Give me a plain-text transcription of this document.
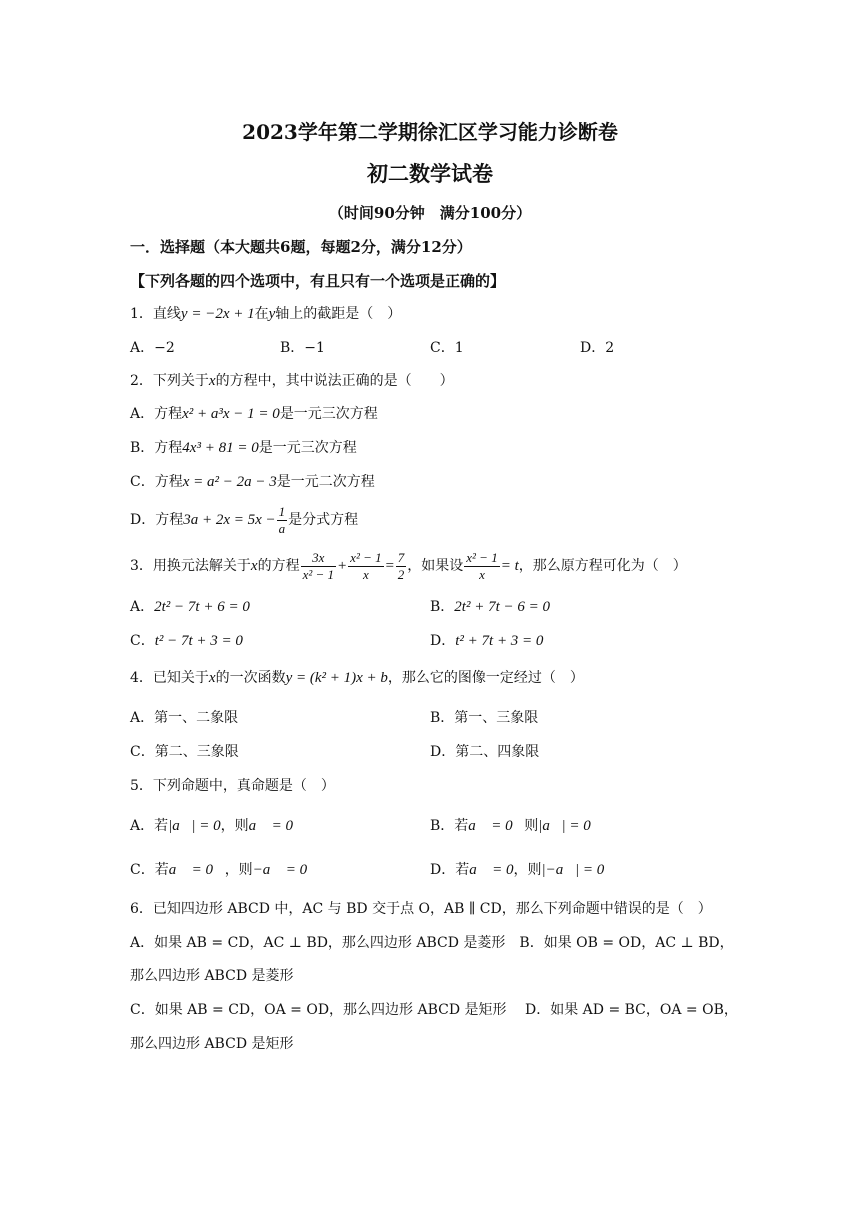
2023学年第二学期徐汇区学习能力诊断卷
初二数学试卷
（时间90分钟　满分100分）
一．选择题（本大题共6题，每题2分，满分12分）
【下列各题的四个选项中，有且只有一个选项是正确的】
1．直线y = −2x + 1在y轴上的截距是（　）
A．−2	B．−1	C．1	D．2
2．下列关于x的方程中，其中说法正确的是（　　）
A．方程x² + a³x − 1 = 0是一元三次方程
B．方程4x³ + 81 = 0是一元三次方程
C．方程x = a² − 2a − 3是一元二次方程
D．方程$3a + 2x = 5x - \frac{1}{a}$ 是分式方程
3．用换元法解关于x的方程 $\frac{3x}{\text{x² − 1}} + \frac{\text{x² − 1}}{x} = \frac{7}{2}$ ，如果设 $\frac{\text{x² − 1}}{x} = t$，那么原方程可化为（　）
A．2t² − 7t + 6 = 0	B．2t² + 7t − 6 = 0
C．t² − 7t + 3 = 0	D．t² + 7t + 3 = 0
4．已知关于x的一次函数y = (k² + 1)x + b，那么它的图像一定经过（　）
A．第一、二象限	B．第一、三象限
C．第二、三象限	D．第二、四象限
5．下列命题中，真命题是（　）
A．若|a⃗| = 0，则a⃗ = 0	B．若a⃗ = 0⃗则|a⃗| = 0⃗
C．若a⃗ = 0⃗，则−a⃗ = 0⃗	D．若a⃗ = 0，则|−a⃗| = 0⃗
6．已知四边形 ABCD 中，AC 与 BD 交于点 O，AB ∥ CD，那么下列命题中错误的是（　）
A．如果 AB = CD，AC ⊥ BD，那么四边形 ABCD 是菱形　B．如果 OB = OD，AC ⊥ BD，
那么四边形 ABCD 是菱形
C．如果 AB = CD，OA = OD，那么四边形 ABCD 是矩形　 D．如果 AD = BC，OA = OB，
那么四边形 ABCD 是矩形
